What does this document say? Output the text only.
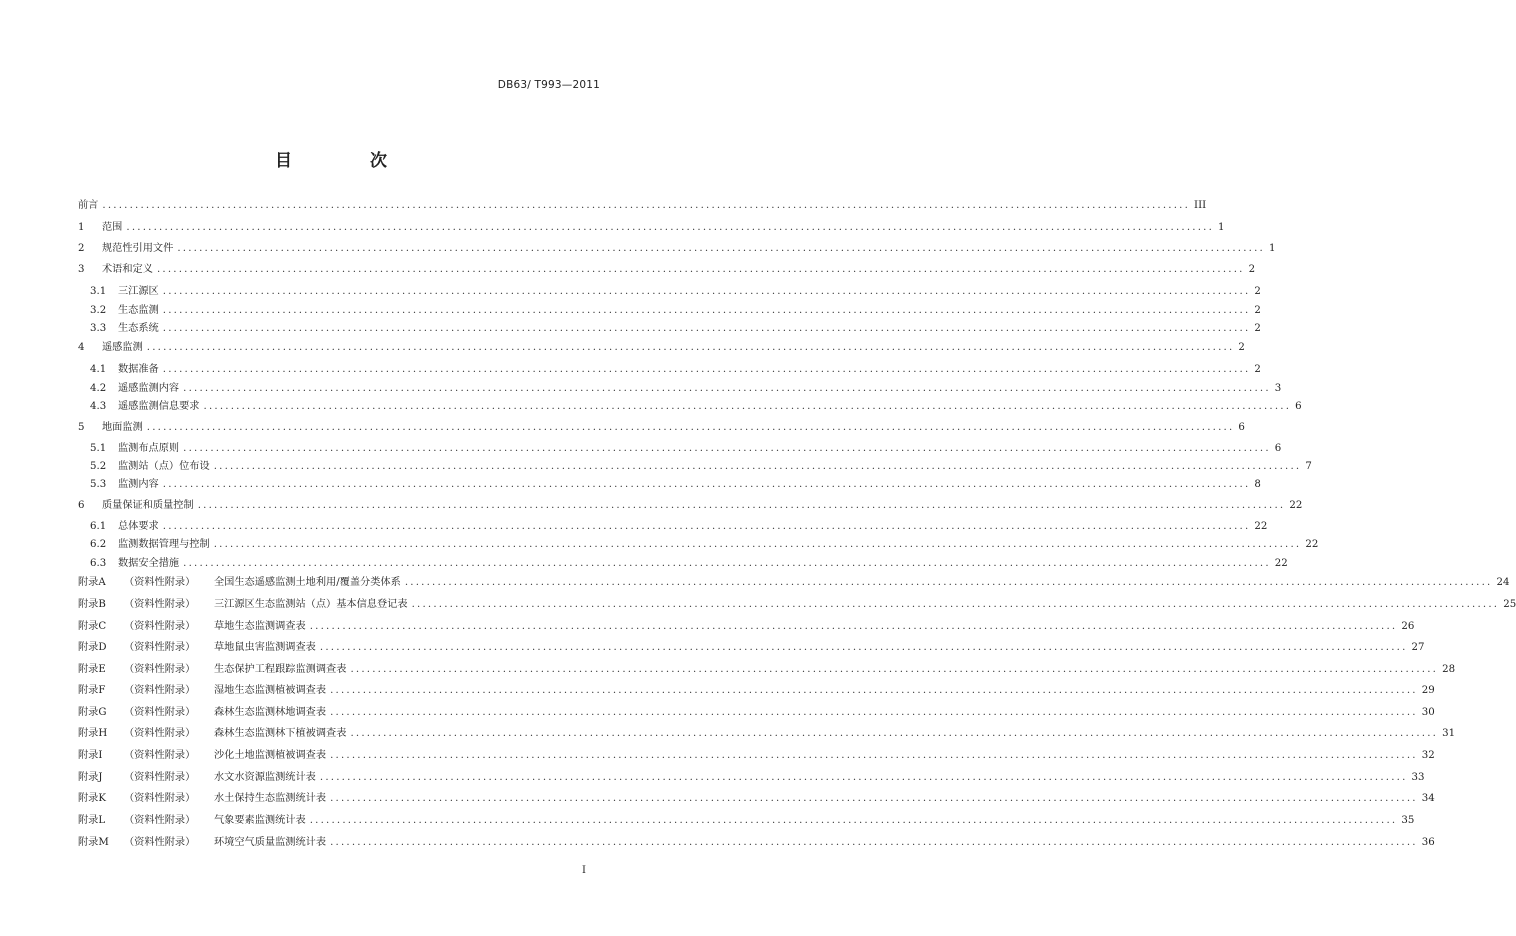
DB63/ T993—2011
目 次
前言 ........................................................................................................................................................................................................ III
1	范围 ........................................................................................................................................................................................................ 1
2	规范性引用文件 ........................................................................................................................................................................................................ 1
3	术语和定义 ........................................................................................................................................................................................................ 2
3.1	三江源区 ........................................................................................................................................................................................................ 2
3.2	生态监测 ........................................................................................................................................................................................................ 2
3.3	生态系统 ........................................................................................................................................................................................................ 2
4	遥感监测 ........................................................................................................................................................................................................ 2
4.1	数据准备 ........................................................................................................................................................................................................ 2
4.2	遥感监测内容 ........................................................................................................................................................................................................ 3
4.3	遥感监测信息要求 ........................................................................................................................................................................................................ 6
5	地面监测 ........................................................................................................................................................................................................ 6
5.1	监测布点原则 ........................................................................................................................................................................................................ 6
5.2	监测站（点）位布设 ........................................................................................................................................................................................................ 7
5.3	监测内容 ........................................................................................................................................................................................................ 8
6	质量保证和质量控制 ........................................................................................................................................................................................................ 22
6.1	总体要求 ........................................................................................................................................................................................................ 22
6.2	监测数据管理与控制 ........................................................................................................................................................................................................ 22
6.3	数据安全措施 ........................................................................................................................................................................................................ 22
附录A	（资料性附录）	全国生态遥感监测土地利用/覆盖分类体系 ........................................................................................................................................................................................................ 24
附录B	（资料性附录）	三江源区生态监测站（点）基本信息登记表 ........................................................................................................................................................................................................ 25
附录C	（资料性附录）	草地生态监测调查表 ........................................................................................................................................................................................................ 26
附录D	（资料性附录）	草地鼠虫害监测调查表 ........................................................................................................................................................................................................ 27
附录E	（资料性附录）	生态保护工程跟踪监测调查表 ........................................................................................................................................................................................................ 28
附录F	（资料性附录）	湿地生态监测植被调查表 ........................................................................................................................................................................................................ 29
附录G	（资料性附录）	森林生态监测林地调查表 ........................................................................................................................................................................................................ 30
附录H	（资料性附录）	森林生态监测林下植被调查表 ........................................................................................................................................................................................................ 31
附录I	（资料性附录）	沙化土地监测植被调查表 ........................................................................................................................................................................................................ 32
附录J	（资料性附录）	水文水资源监测统计表 ........................................................................................................................................................................................................ 33
附录K	（资料性附录）	水土保持生态监测统计表 ........................................................................................................................................................................................................ 34
附录L	（资料性附录）	气象要素监测统计表 ........................................................................................................................................................................................................ 35
附录M	（资料性附录）	环境空气质量监测统计表 ........................................................................................................................................................................................................ 36
I
